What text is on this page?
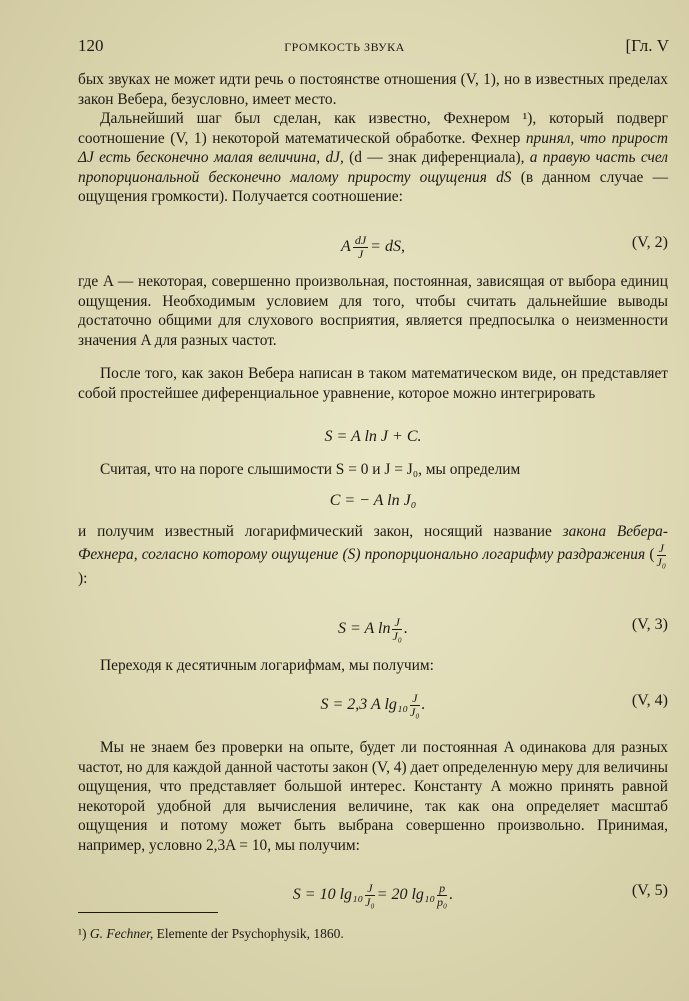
120	ГРОМКОСТЬ ЗВУКА	[Гл. V
бых звуках не может идти речь о постоянстве отношения (V, 1), но в известных пределах закон Вебера, безусловно, имеет место.
Дальнейший шаг был сделан, как известно, Фехнером ¹), который подверг соотношение (V, 1) некоторой математической обработке. Фехнер принял, что прирост ΔJ есть бесконечно малая величина, dJ, (d — знак диференциала), а правую часть счел пропорциональной бесконечно малому приросту ощущения dS (в данном случае — ощущения громкости). Получается соотношение:
A $\frac{dJ}{J}$ = dS,	(V, 2)
где A — некоторая, совершенно произвольная, постоянная, зависящая от выбора единиц ощущения. Необходимым условием для того, чтобы считать дальнейшие выводы достаточно общими для слухового восприятия, является предпосылка о неизменности значения A для разных частот.
После того, как закон Вебера написан в таком математическом виде, он представляет собой простейшее диференциальное уравнение, которое можно интегрировать
S = A ln J + C.
Считая, что на пороге слышимости S = 0 и J = J₀, мы определим
C = − A ln J₀
и получим известный логарифмический закон, носящий название закона Вебера-Фехнера, согласно которому ощущение (S) пропорционально логарифму раздражения ( $\frac{J}{\text{J₀}}$
):
S = A $\ln \frac{J}{\text{J₀}}$ .	(V, 3)
Переходя к десятичным логарифмам, мы получим:
S = 2,3 A $\lg_{10} \frac{J}{\text{J₀}}$ .	(V, 4)
Мы не знаем без проверки на опыте, будет ли постоянная A одинакова для разных частот, но для каждой данной частоты закон (V, 4) дает определенную меру для величины ощущения, что представляет большой интерес. Константу A можно принять равной некоторой удобной для вычисления величине, так как она определяет масштаб ощущения и потому может быть выбрана совершенно произвольно. Принимая, например, условно 2,3A = 10, мы получим:
S = 10 $\lg_{10} \frac{J}{\text{J₀}} = 20$ $\lg_{10} \frac{p}{\text{p₀}}$ .	(V, 5)
¹) G. Fechner, Elemente der Psychophysik, 1860.
